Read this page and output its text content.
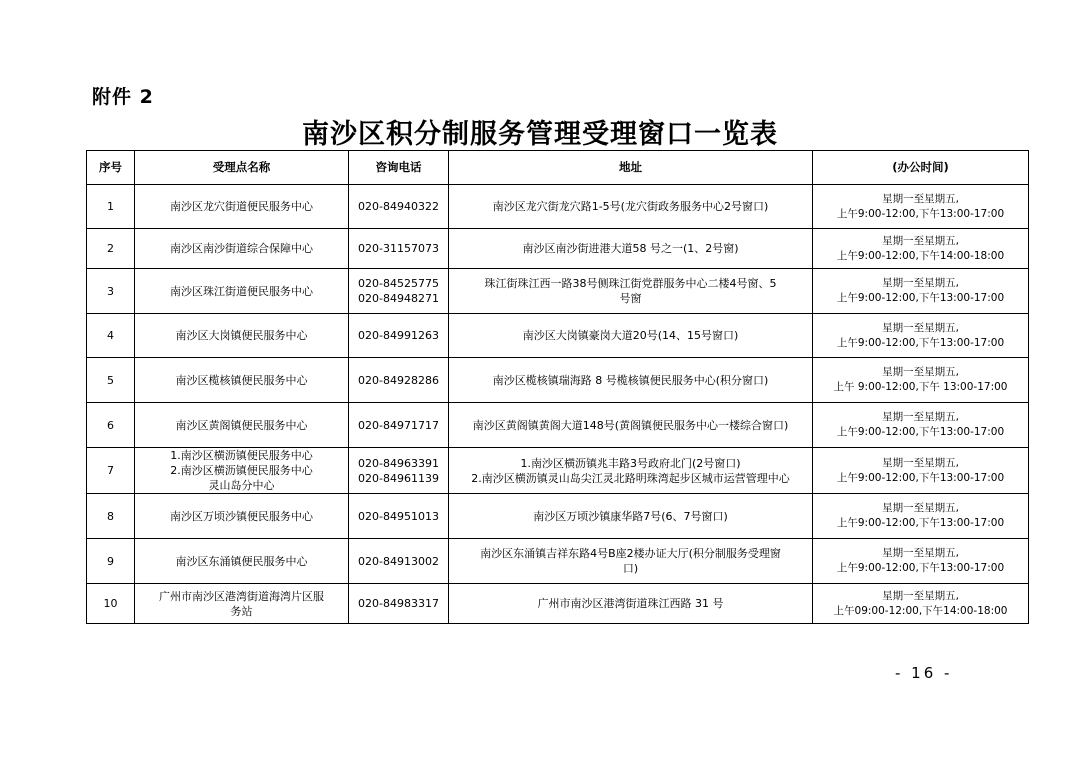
附件 2
南沙区积分制服务管理受理窗口一览表
序号	受理点名称	咨询电话	地址	(办公时间)
1	南沙区龙穴街道便民服务中心	020-84940322	南沙区龙穴街龙穴路1-5号(龙穴街政务服务中心2号窗口)	星期一至星期五,
上午9:00-12:00,下午13:00-17:00

2	南沙区南沙街道综合保障中心	020-31157073	南沙区南沙街进港大道58 号之一(1、2号窗)	星期一至星期五,
上午9:00-12:00,下午14:00-18:00

3	南沙区珠江街道便民服务中心	020-84525775
020-84948271	珠江街珠江西一路38号侧珠江街党群服务中心二楼4号窗、5
号窗	星期一至星期五,
上午9:00-12:00,下午13:00-17:00

4	南沙区大岗镇便民服务中心	020-84991263	南沙区大岗镇豪岗大道20号(14、15号窗口)	星期一至星期五,
上午9:00-12:00,下午13:00-17:00

5	南沙区榄核镇便民服务中心	020-84928286	南沙区榄核镇瑞海路 8 号榄核镇便民服务中心(积分窗口)	星期一至星期五,
上午 9:00-12:00,下午 13:00-17:00

6	南沙区黄阁镇便民服务中心	020-84971717	南沙区黄阁镇黄阁大道148号(黄阁镇便民服务中心一楼综合窗口)	星期一至星期五,
上午9:00-12:00,下午13:00-17:00

7	1.南沙区横沥镇便民服务中心
2.南沙区横沥镇便民服务中心
灵山岛分中心	020-84963391
020-84961139	1.南沙区横沥镇兆丰路3号政府北门(2号窗口)
2.南沙区横沥镇灵山岛尖江灵北路明珠湾起步区城市运营管理中心	星期一至星期五,
上午9:00-12:00,下午13:00-17:00

8	南沙区万顷沙镇便民服务中心	020-84951013	南沙区万顷沙镇康华路7号(6、7号窗口)	星期一至星期五,
上午9:00-12:00,下午13:00-17:00

9	南沙区东涌镇便民服务中心	020-84913002	南沙区东涌镇吉祥东路4号B座2楼办证大厅(积分制服务受理窗
口)	星期一至星期五,
上午9:00-12:00,下午13:00-17:00

10	广州市南沙区港湾街道海湾片区服
务站	020-84983317	广州市南沙区港湾街道珠江西路 31 号	星期一至星期五,
上午09:00-12:00,下午14:00-18:00
- 16 -
